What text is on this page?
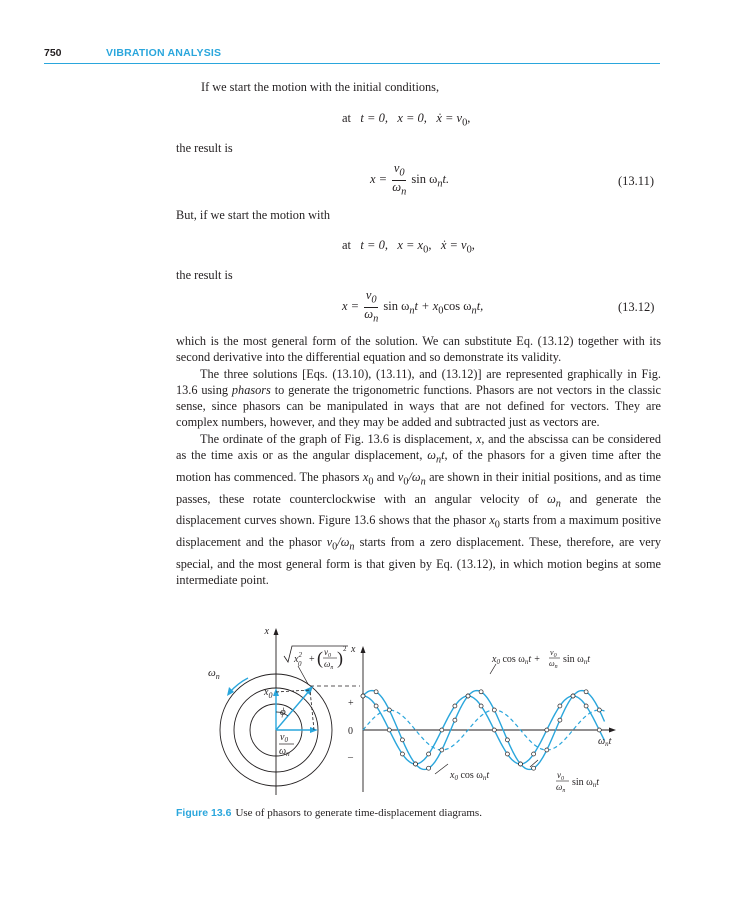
750	VIBRATION ANALYSIS
If we start the motion with the initial conditions,
at t = 0, x = 0, ẋ = $v_0$,
the result is
$x = \frac{v_0}{\omega_n}$ $\sin \omega_nt$.	(13.11)
But, if we start the motion with
at t = 0, $x = x_0$, ẋ = $v_0$,
the result is
$x = \frac{v_0}{\omega_n}$ $\sin \omega_nt + x_0\cos$ $\omega_nt$,	(13.12)

which is the most general form of the solution. We can substitute Eq. (13.12) together with its second derivative into the differential equation and so demonstrate its validity.

The three solutions [Eqs. (13.10), (13.11), and (13.12)] are represented graphically in Fig. 13.6 using phasors to generate the trigonometric functions. Phasors are not vectors in the classic sense, since phasors can be manipulated in ways that are not defined for vectors. They are complex numbers, however, and they may be added and subtracted just as vectors are.

The ordinate of the graph of Fig. 13.6 is displacement, x, and the abscissa can be considered as the time axis or as the angular displacement, $\omega_nt$, of the phasors for a given time after the motion has commenced. The phasors $x_0$ and $v_0/\omega_n$ are shown in their initial positions, and as time passes, these rotate counterclockwise with an angular velocity of $\omega_n$ and generate the displacement curves shown. Figure 13.6 shows that the phasor $x_0$ starts from a maximum positive displacement and the phasor $v_0/\omega_n$ starts from a zero displacement. These, therefore, are very special, and the most general form is that given by Eq. (13.12), in which motion begins at some intermediate point.

x
$\omega_n$
$x_0$
ϕ
$v_0$
$\omega_n$
$x^2$ 0 + ( $v_0$
$\omega_n$ ) 2 x
+
0
–
$\omega_nt$
$x_0$ $\cos \omega_nt$ +
$v_0$
$\omega_n$
$\sin \omega_nt$
$x_0$ $\cos \omega_nt$	$v_0$
$\omega_n$
$\sin \omega_nt$
Figure 13.6 Use of phasors to generate time-displacement diagrams.
